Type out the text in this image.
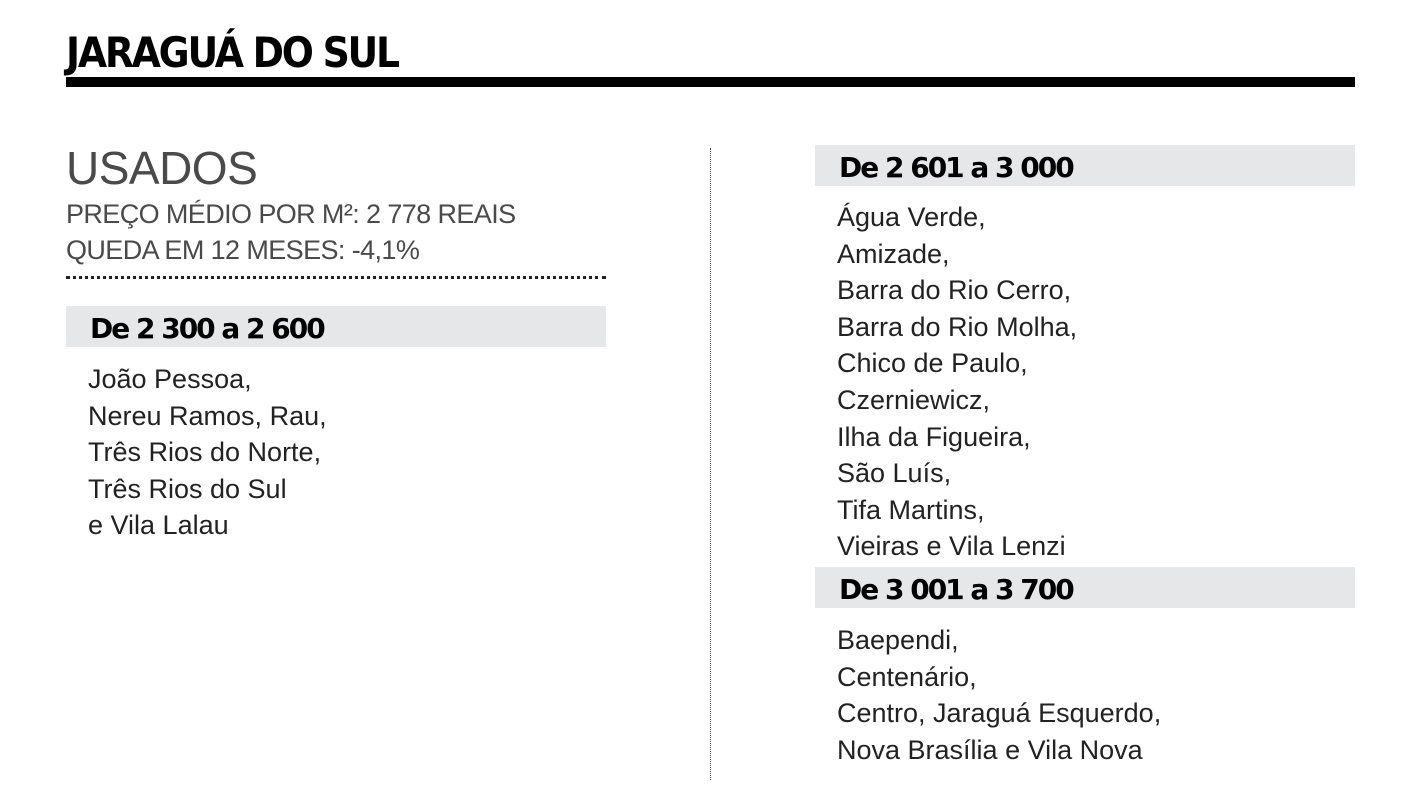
JARAGUÁ DO SUL
USADOS
PREÇO MÉDIO POR M²: 2 778 REAIS
QUEDA EM 12 MESES: -4,1%
De 2 300 a 2 600
João Pessoa,
Nereu Ramos, Rau,
Três Rios do Norte,
Três Rios do Sul
e Vila Lalau
De 2 601 a 3 000
Água Verde,
Amizade,
Barra do Rio Cerro,
Barra do Rio Molha,
Chico de Paulo,
Czerniewicz,
Ilha da Figueira,
São Luís,
Tifa Martins,
Vieiras e Vila Lenzi
De 3 001 a 3 700
Baependi,
Centenário,
Centro, Jaraguá Esquerdo,
Nova Brasília e Vila Nova
